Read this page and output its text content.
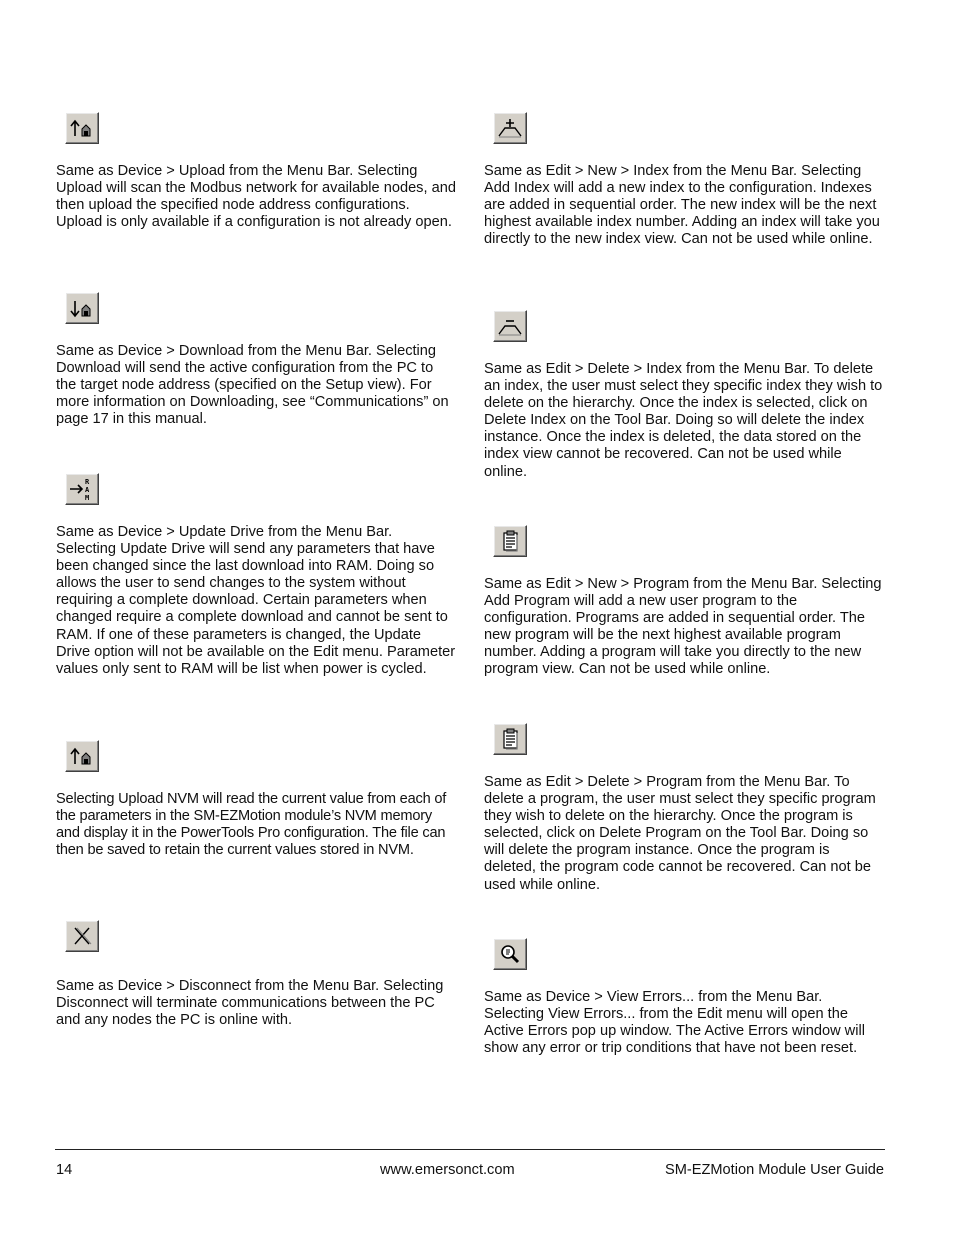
Same as Device > Upload from the Menu Bar. Selecting Upload will scan the Modbus network for available nodes, and then upload the specified node address configurations. Upload is only available if a configuration is not already open.

Same as Device > Download from the Menu Bar. Selecting Download will send the active configuration from the PC to the target node address (specified on the Setup view). For more information on Downloading, see “Communications” on page 17 in this manual.

R
A
M

Same as Device > Update Drive from the Menu Bar. Selecting Update Drive will send any parameters that have been changed since the last download into RAM. Doing so allows the user to send changes to the system without requiring a complete download. Certain parameters when changed require a complete download and cannot be sent to RAM. If one of these parameters is changed, the Update Drive option will not be available on the Edit menu. Parameter values only sent to RAM will be list when power is cycled.

Selecting Upload NVM will read the current value from each of the parameters in the SM-EZMotion module’s NVM memory and display it in the PowerTools Pro configuration. The file can then be saved to retain the current values stored in NVM.

Same as Device > Disconnect from the Menu Bar. Selecting Disconnect will terminate communications between the PC and any nodes the PC is online with.

Same as Edit > New > Index from the Menu Bar. Selecting Add Index will add a new index to the configuration. Indexes are added in sequential order. The new index will be the next highest available index number. Adding an index will take you directly to the new index view. Can not be used while online.

Same as Edit > Delete > Index from the Menu Bar. To delete an index, the user must select they specific index they wish to delete on the hierarchy. Once the index is selected, click on Delete Index on the Tool Bar. Doing so will delete the index instance. Once the index is deleted, the data stored on the index view cannot be recovered. Can not be used while online.

Same as Edit > New > Program from the Menu Bar. Selecting Add Program will add a new user program to the configuration. Programs are added in sequential order. The new program will be the next highest available program number. Adding a program will take you directly to the new program view. Can not be used while online.

Same as Edit > Delete > Program from the Menu Bar. To delete a program, the user must select they specific program they wish to delete on the hierarchy. Once the program is selected, click on Delete Program on the Tool Bar. Doing so will delete the program instance. Once the program is deleted, the program code cannot be recovered. Can not be used while online.

Same as Device > View Errors... from the Menu Bar. Selecting View Errors... from the Edit menu will open the Active Errors pop up window. The Active Errors window will show any error or trip conditions that have not been reset.

14	www.emersonct.com	SM-EZMotion Module User Guide
